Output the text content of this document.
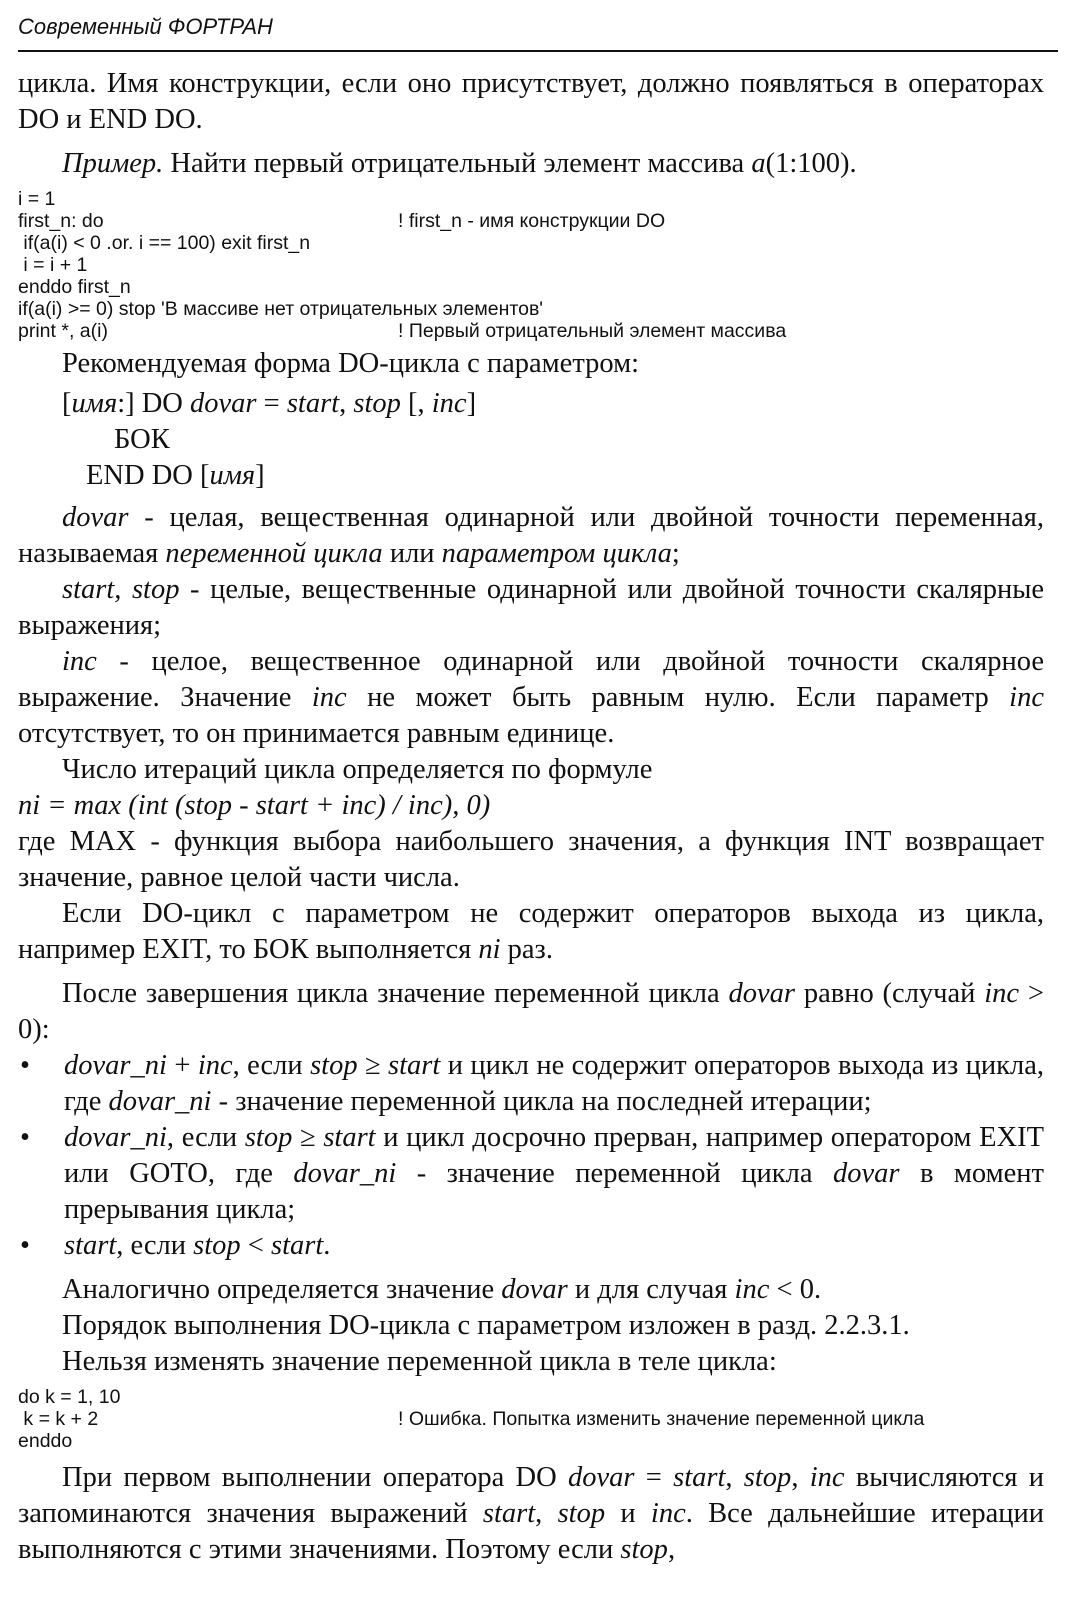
Современный ФОРТРАН

цикла. Имя конструкции, если оно присутствует, должно появляться в операторах DO и END DO.

Пример. Найти первый отрицательный элемент массива a(1:100).

i = 1
first_n: do	! first_n - имя конструкции DO
if(a(i) < 0 .or. i == 100) exit first_n
i = i + 1
enddo first_n
if(a(i) >= 0) stop 'В массиве нет отрицательных элементов'
print *, a(i)	! Первый отрицательный элемент массива

Рекомендуемая форма DO-цикла с параметром:

[имя:] DO dovar = start, stop [, inc]
БОК
END DO [имя]

dovar - целая, вещественная одинарной или двойной точности переменная, называемая переменной цикла или параметром цикла;

start, stop - целые, вещественные одинарной или двойной точности скалярные выражения;

inc - целое, вещественное одинарной или двойной точности скалярное выражение. Значение inc не может быть равным нулю. Если параметр inc отсутствует, то он принимается равным единице.

Число итераций цикла определяется по формуле

ni = max (int (stop - start + inc) / inc), 0)

где MAX - функция выбора наибольшего значения, а функция INT возвращает значение, равное целой части числа.

Если DO-цикл с параметром не содержит операторов выхода из цикла, например EXIT, то БОК выполняется ni раз.

После завершения цикла значение переменной цикла dovar равно (случай inc > 0):

• dovar_ni + inc, если stop ≥ start и цикл не содержит операторов выхода из цикла, где dovar_ni - значение переменной цикла на последней итерации;
• dovar_ni, если stop ≥ start и цикл досрочно прерван, например оператором EXIT или GOTO, где dovar_ni - значение переменной цикла dovar в момент прерывания цикла;
• start, если stop < start.

Аналогично определяется значение dovar и для случая inc < 0.

Порядок выполнения DO-цикла с параметром изложен в разд. 2.2.3.1.

Нельзя изменять значение переменной цикла в теле цикла:

do k = 1, 10
k = k + 2	! Ошибка. Попытка изменить значение переменной цикла
enddo

При первом выполнении оператора DO dovar = start, stop, inc вычисляются и запоминаются значения выражений start, stop и inc. Все дальнейшие итерации выполняются с этими значениями. Поэтому если stop,
